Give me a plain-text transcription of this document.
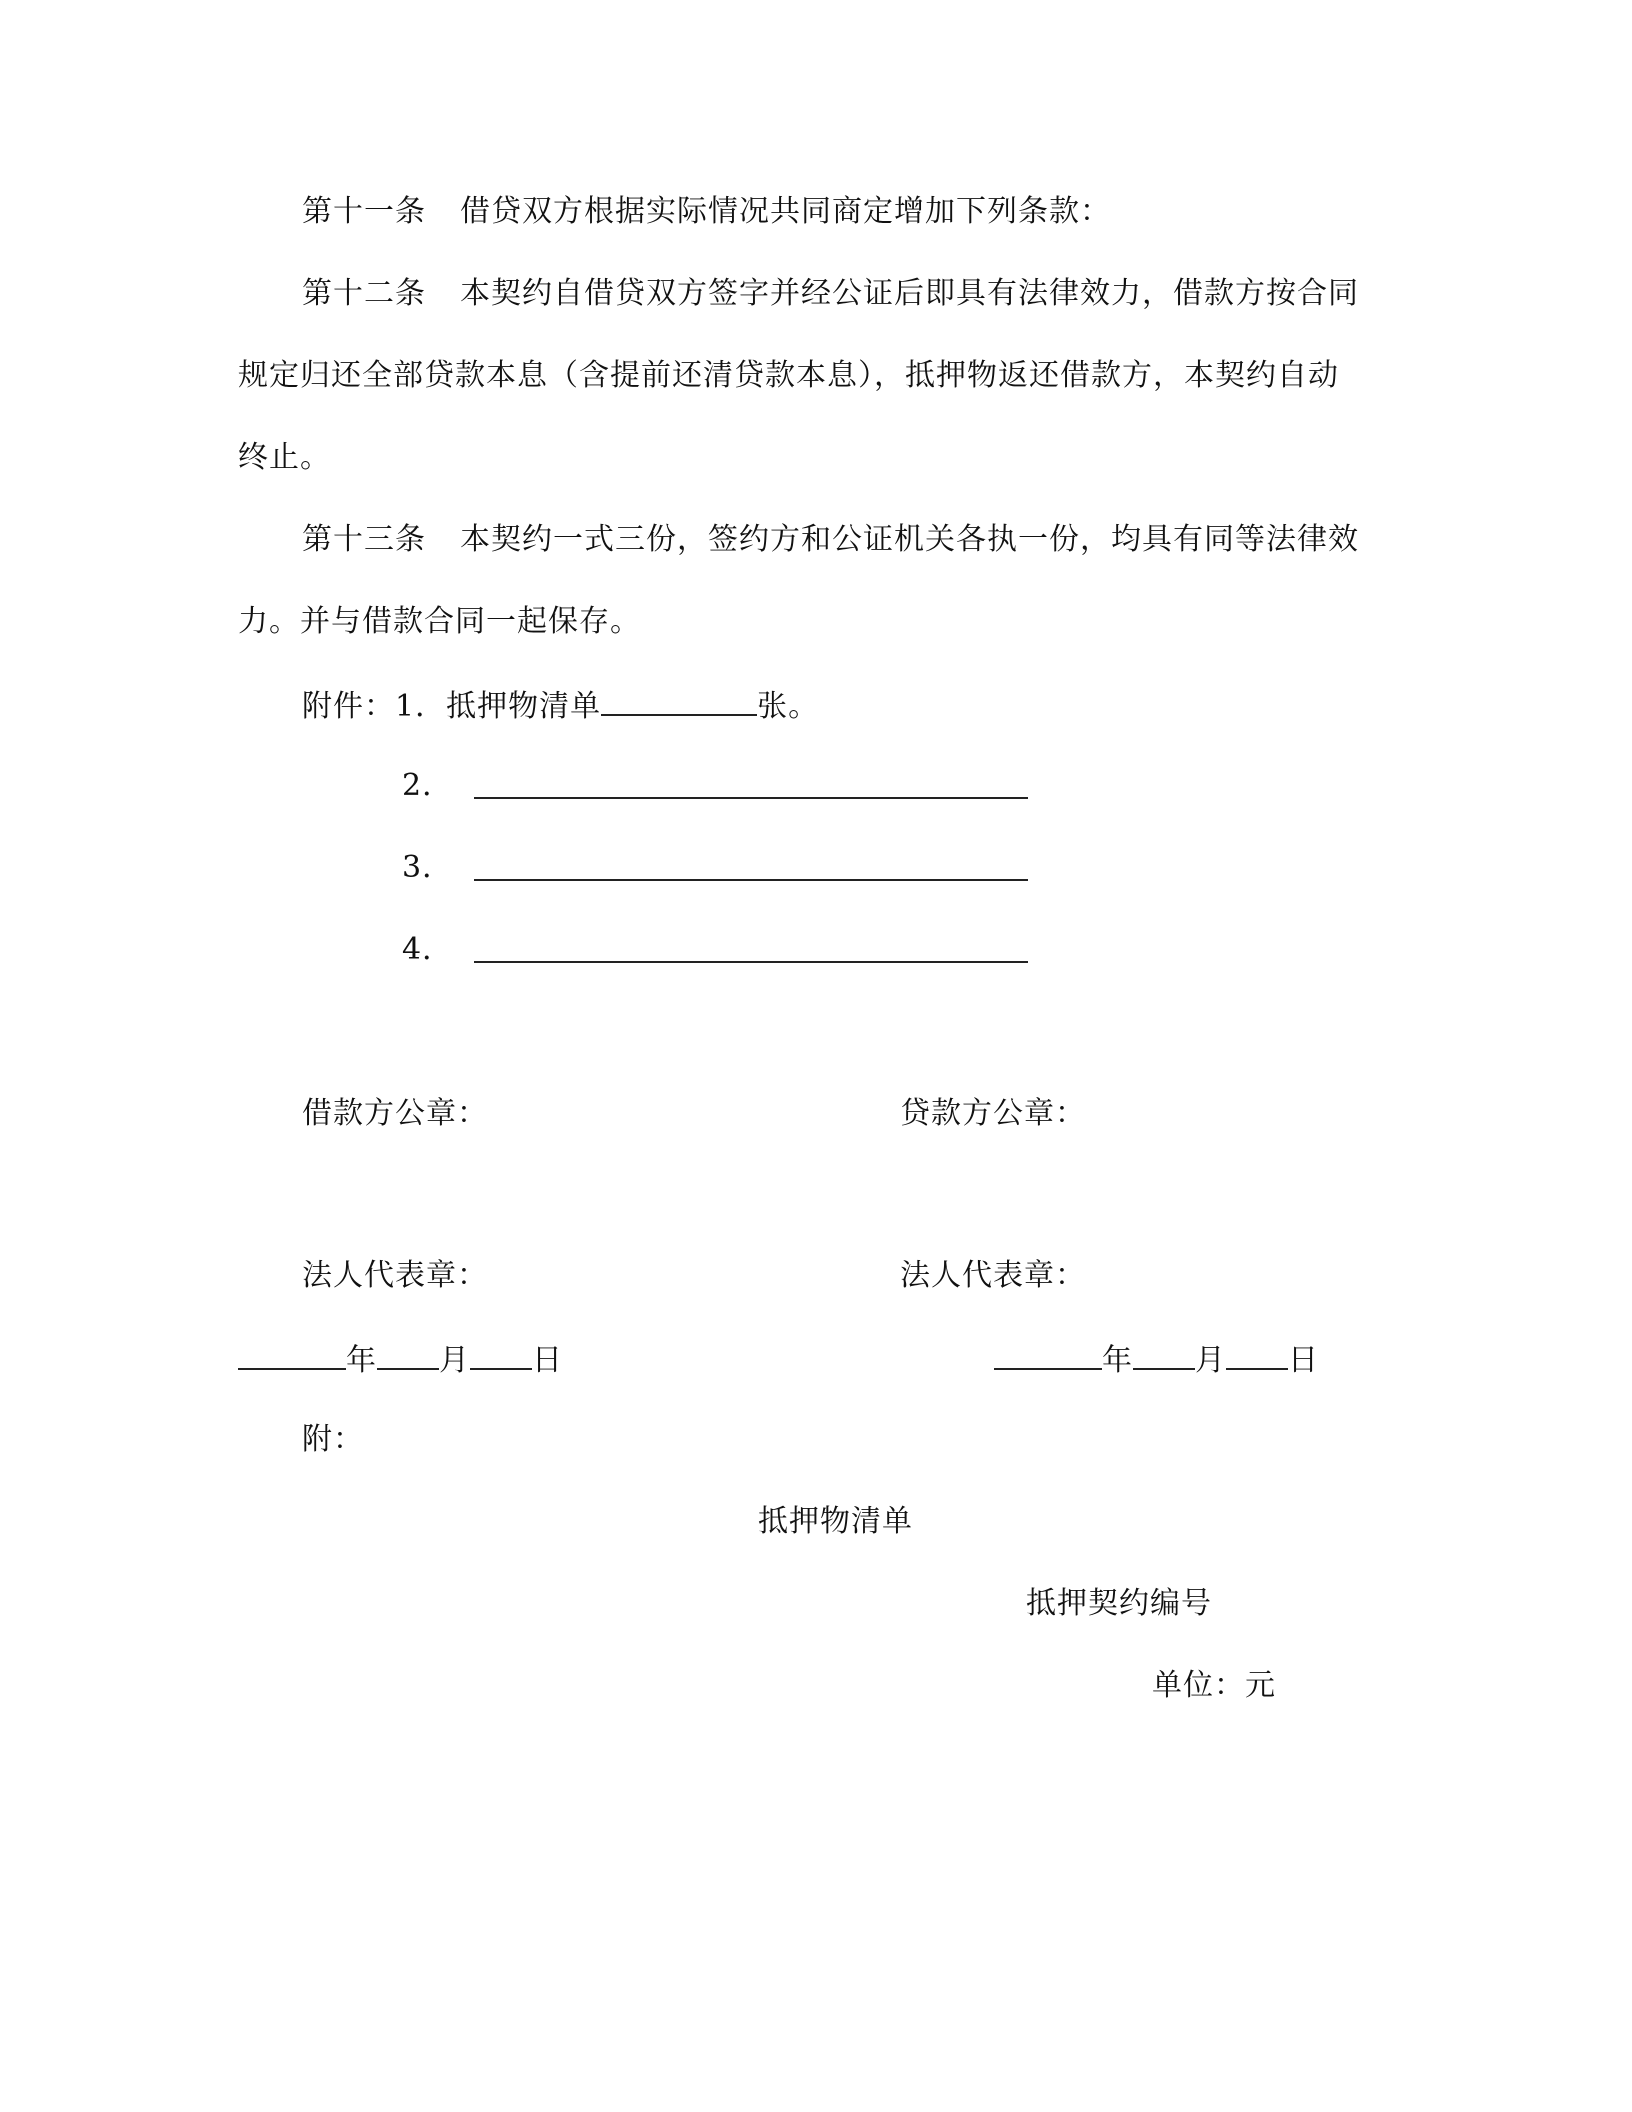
第十一条 借贷双方根据实际情况共同商定增加下列条款：
第十二条 本契约自借贷双方签字并经公证后即具有法律效力，借款方按合同
规定归还全部贷款本息（含提前还清贷款本息），抵押物返还借款方，本契约自动
终止。
第十三条 本契约一式三份，签约方和公证机关各执一份，均具有同等法律效
力。并与借款合同一起保存。
附件：1．抵押物清单	张。
2．
3．
4．
借款方公章：	贷款方公章：
法人代表章：	法人代表章：
年 月 日	年 月 日
附：
抵押物清单
抵押契约编号
单位：元
